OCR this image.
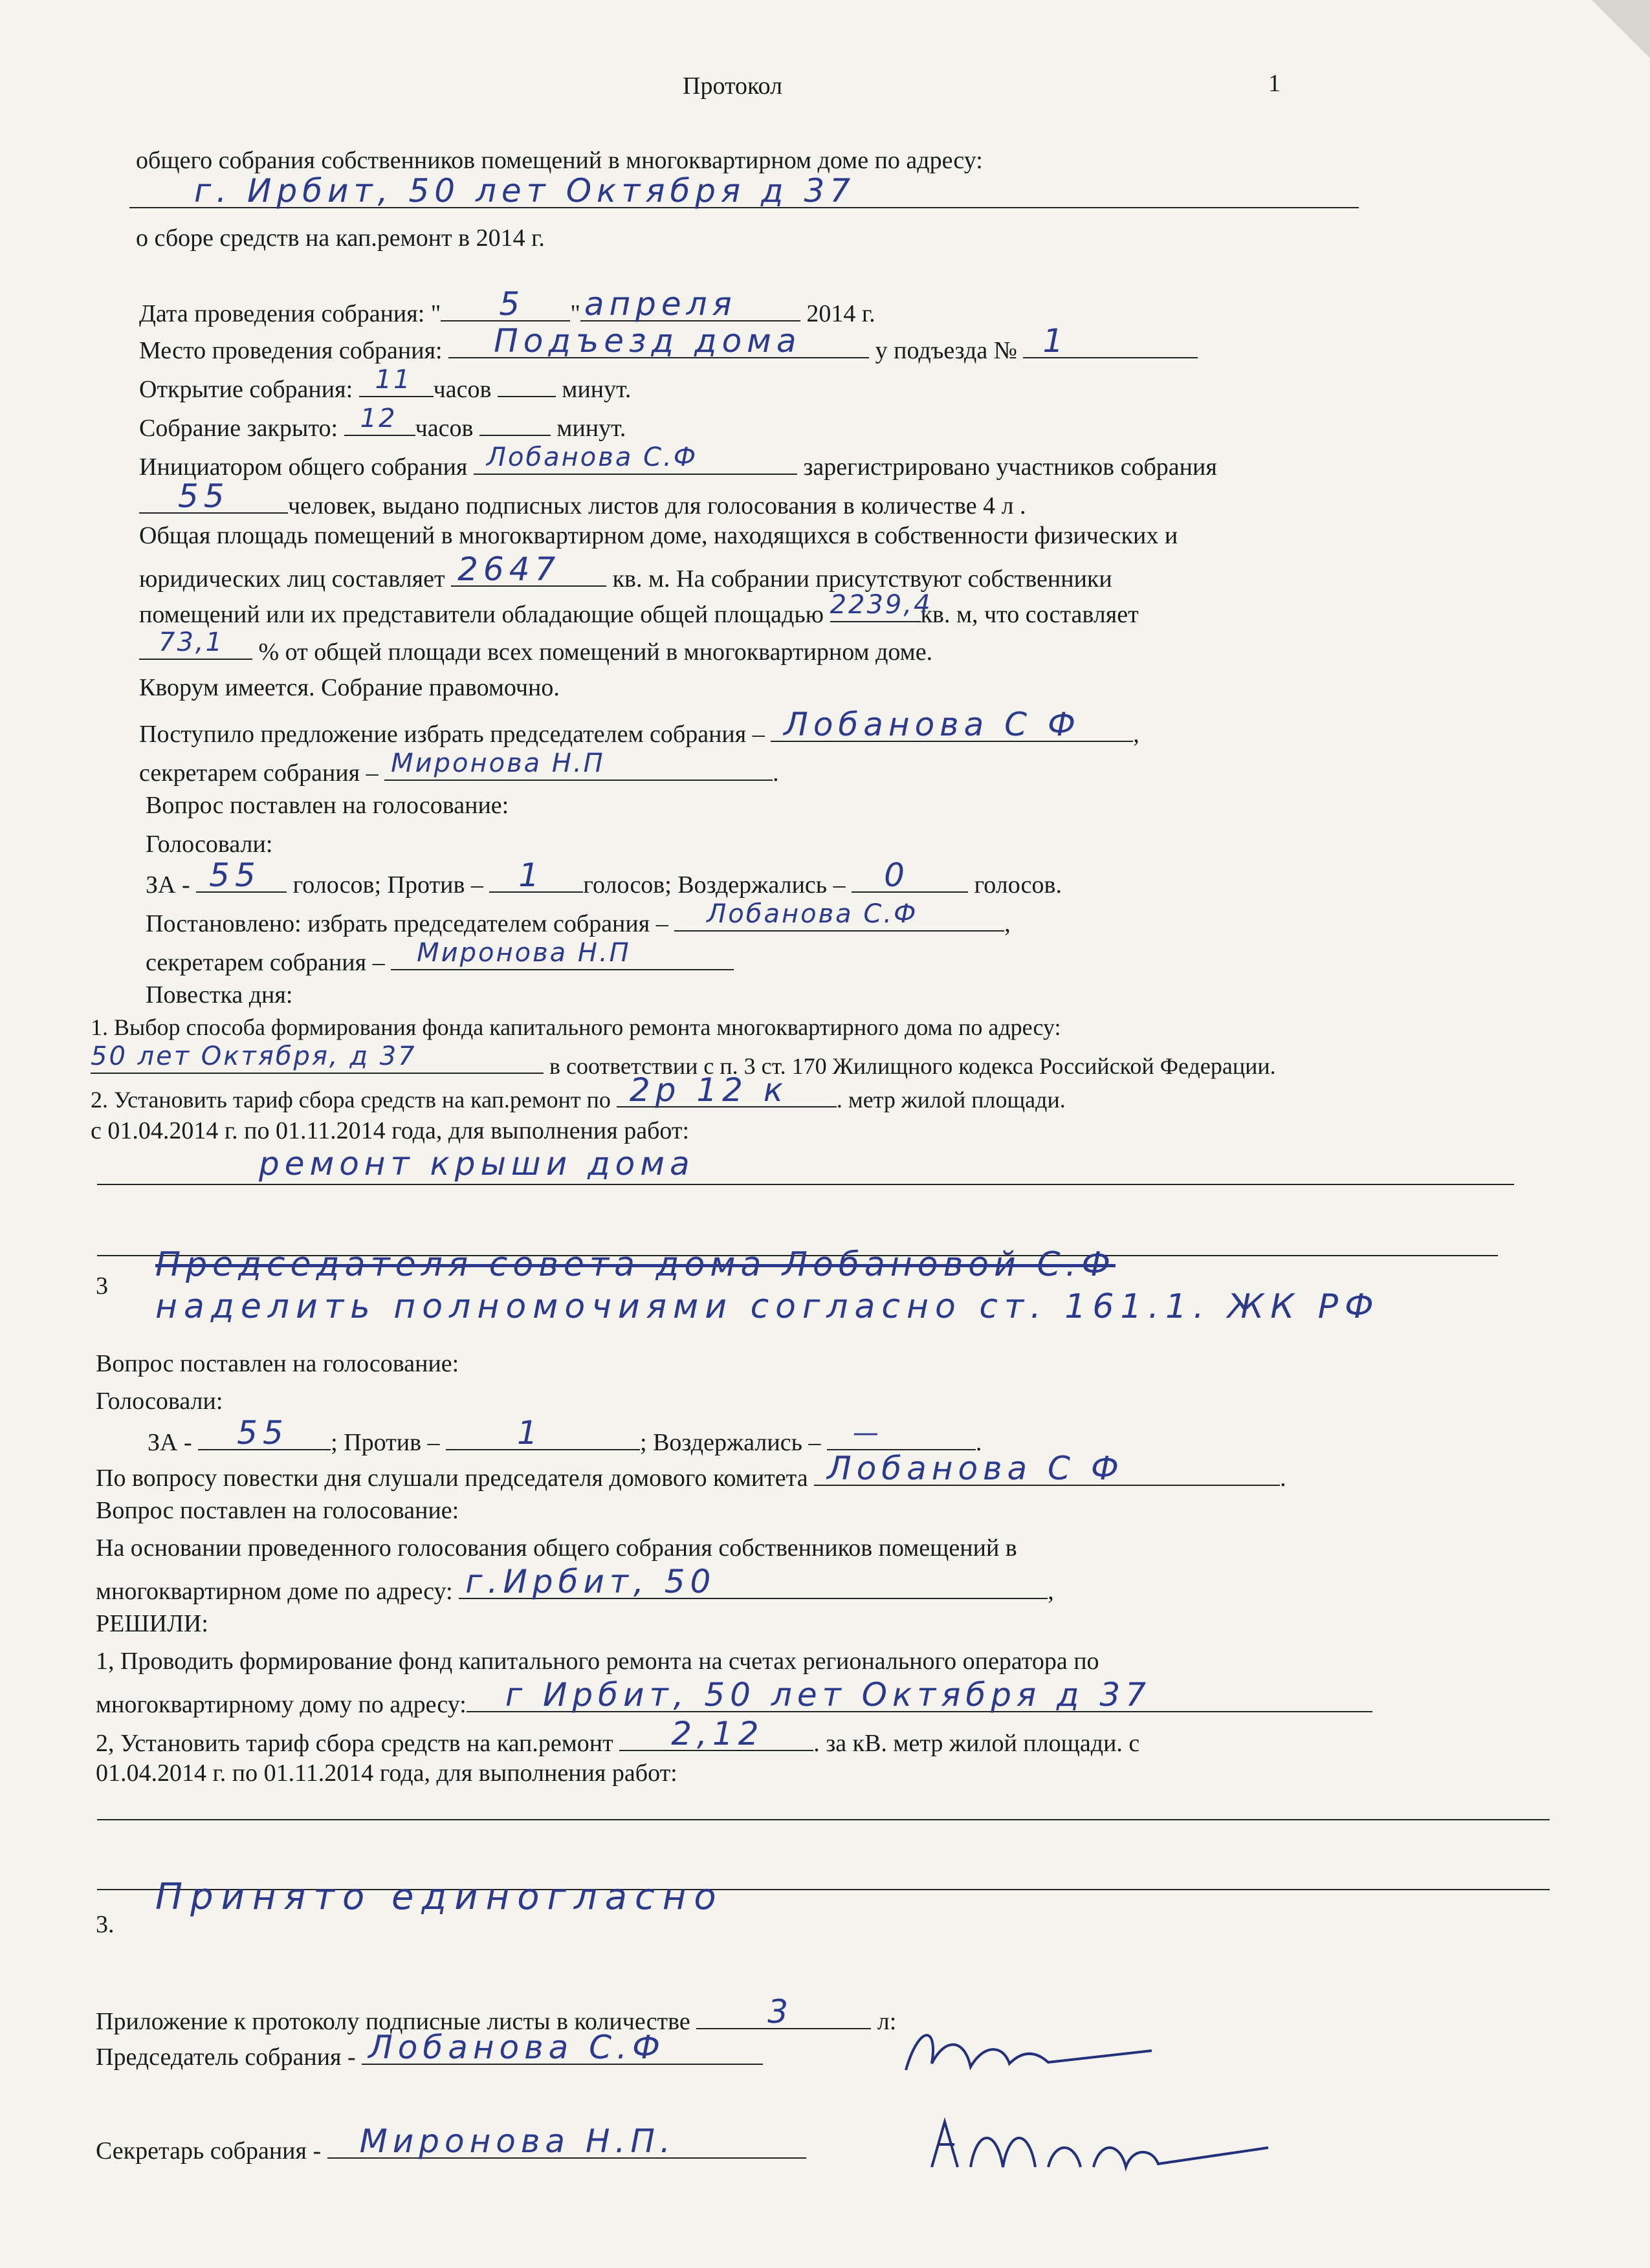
Протокол	1
общего собрания собственников помещений в многоквартирном доме по адресу:
г. Ирбит, 50 лет Октября д 37
о сборе средств на кап.ремонт в 2014 г.
Дата проведения собрания: " 5 " апреля	2014 г.
Место проведения собрания: Подъезд дома	у подъезда № 1
Открытие собрания: 11 часов	минут.
Собрание закрыто: 12 часов	минут.
Инициатором общего собрания Лобанова С.Ф	зарегистрировано участников собрания
55 человек, выдано подписных листов для голосования в количестве 4 л .
Общая площадь помещений в многоквартирном доме, находящихся в собственности физических и
юридических лиц составляет 2647 кв. м. На собрании присутствуют собственники
помещений или их представители обладающие общей площадью 2239,4
кв. м, что составляет
73,1 % от общей площади всех помещений в многоквартирном доме.
Кворум имеется. Собрание правомочно.
Поступило предложение избрать председателем собрания – Лобанова С Ф ,
секретарем собрания – Миронова Н.П	.
Вопрос поставлен на голосование:
Голосовали:
ЗА - 55 голосов; Против – 1 голосов; Воздержались – 0	голосов.
Постановлено: избрать председателем собрания – Лобанова С.Ф	,
секретарем собрания – Миронова Н.П
Повестка дня:
1. Выбор способа формирования фонда капитального ремонта многоквартирного дома по адресу:
50 лет Октября, д 37	в соответствии с п. 3 ст. 170 Жилищного кодекса Российской Федерации.
2. Установить тариф сбора средств на кап.ремонт по 2р 12 к . метр жилой площади.
с 01.04.2014 г. по 01.11.2014 года, для выполнения работ:
ремонт крыши дома
3
Председателя совета дома Лобановой С.Ф
наделить полномочиями согласно ст. 161.1. ЖК РФ
Вопрос поставлен на голосование:
Голосовали:
ЗА - 55 ; Против – 1	; Воздержались – —	.
По вопросу повестки дня слушали председателя домового комитета Лобанова С Ф	.
Вопрос поставлен на голосование:
На основании проведенного голосования общего собрания собственников помещений в
многоквартирном доме по адресу: г.Ирбит, 50	,
РЕШИЛИ:
1, Проводить формирование фонд капитального ремонта на счетах регионального оператора по
многоквартирному дому по адресу: г Ирбит, 50 лет Октября д 37
2, Установить тариф сбора средств на кап.ремонт 2,12 . за кВ. метр жилой площади. с
01.04.2014 г. по 01.11.2014 года, для выполнения работ:
3.
Принято единогласно
Приложение к протоколу подписные листы в количестве 3	л:
Председатель собрания - Лобанова С.Ф
Секретарь собрания - Миронова Н.П.
